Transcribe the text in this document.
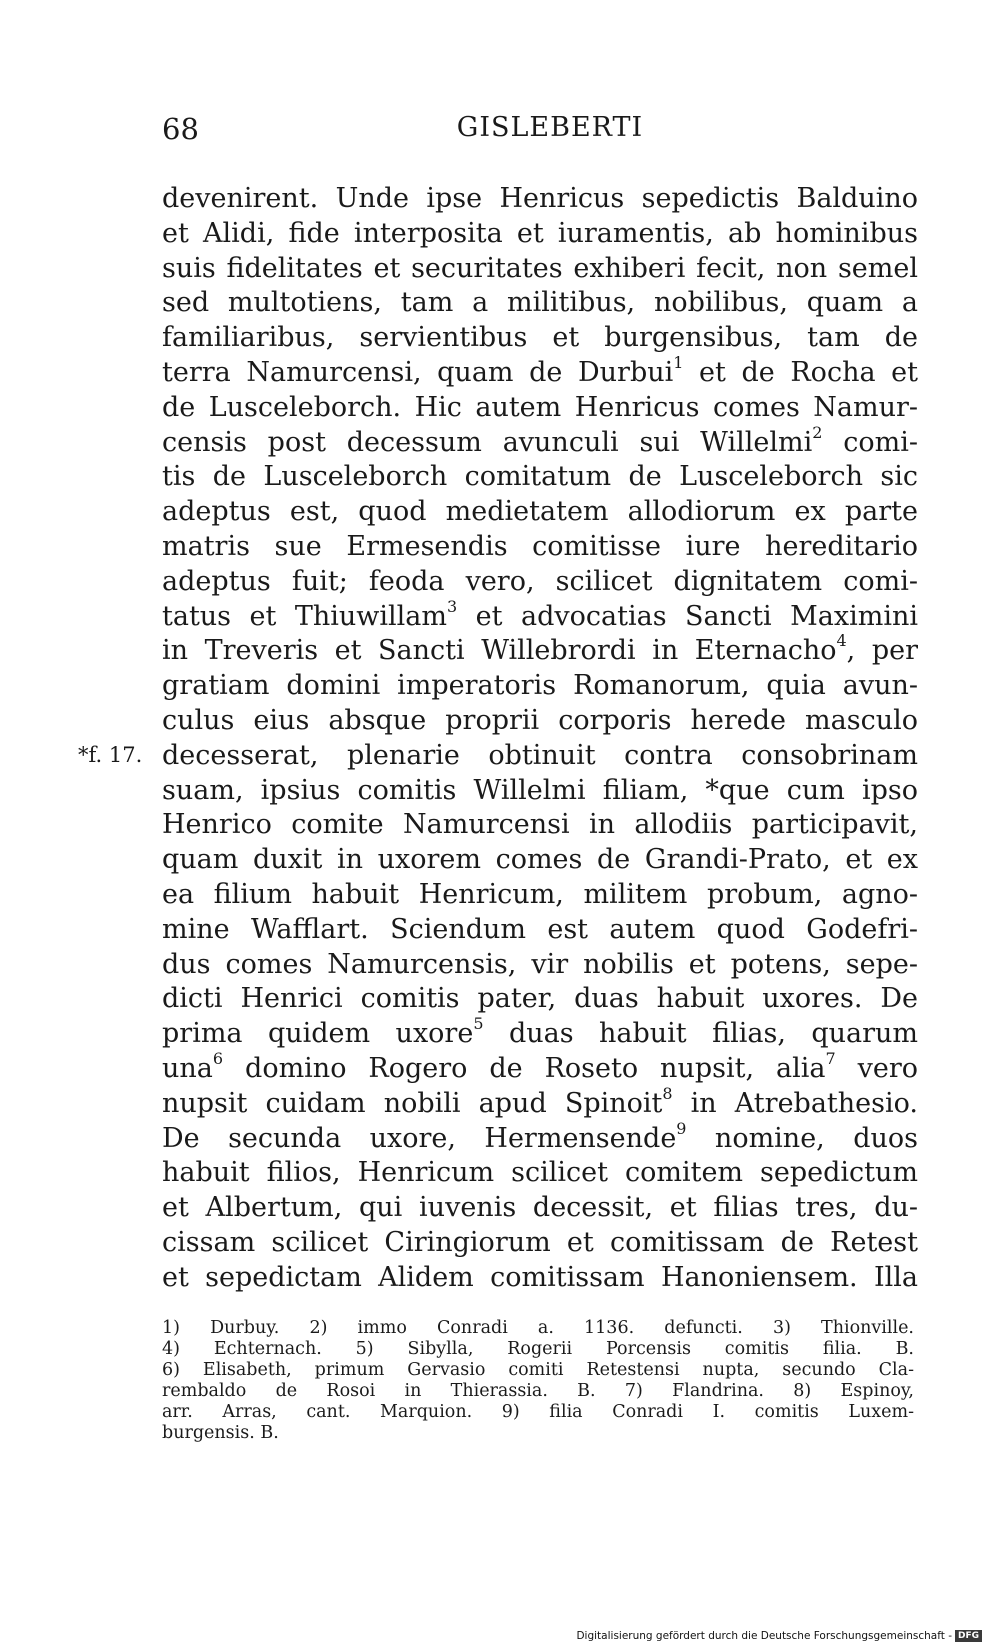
68	GISLEBERTI
*f. 17.
devenirent. Unde ipse Henricus sepedictis Balduino
et Alidi, fide interposita et iuramentis, ab hominibus
suis fidelitates et securitates exhiberi fecit, non semel
sed multotiens, tam a militibus, nobilibus, quam a
familiaribus, servientibus et burgensibus, tam de
terra Namurcensi, quam de Durbui$^1$ et de Rocha et
de Lusceleborch. Hic autem Henricus comes Namur-
censis post decessum avunculi sui Willelmi$^2$ comi-
tis de Lusceleborch comitatum de Lusceleborch sic
adeptus est, quod medietatem allodiorum ex parte
matris sue Ermesendis comitisse iure hereditario
adeptus fuit; feoda vero, scilicet dignitatem comi-
tatus et Thiuwillam$^3$ et advocatias Sancti Maximini
in Treveris et Sancti Willebrordi in Eternacho$^4$, per
gratiam domini imperatoris Romanorum, quia avun-
culus eius absque proprii corporis herede masculo
decesserat, plenarie obtinuit contra consobrinam
suam, ipsius comitis Willelmi filiam, *que cum ipso
Henrico comite Namurcensi in allodiis participavit,
quam duxit in uxorem comes de Grandi-Prato, et ex
ea filium habuit Henricum, militem probum, agno-
mine Wafflart. Sciendum est autem quod Godefri-
dus comes Namurcensis, vir nobilis et potens, sepe-
dicti Henrici comitis pater, duas habuit uxores. De
prima quidem uxore$^5$ duas habuit filias, quarum
una$^6$ domino Rogero de Roseto nupsit, alia$^7$ vero
nupsit cuidam nobili apud Spinoit$^8$ in Atrebathesio.
De secunda uxore, Hermensende$^9$ nomine, duos
habuit filios, Henricum scilicet comitem sepedictum
et Albertum, qui iuvenis decessit, et filias tres, du-
cissam scilicet Ciringiorum et comitissam de Retest
et sepedictam Alidem comitissam Hanoniensem. Illa
1) Durbuy. 2) immo Conradi a. 1136. defuncti. 3) Thionville.
4) Echternach. 5) Sibylla, Rogerii Porcensis comitis filia. B.
6) Elisabeth, primum Gervasio comiti Retestensi nupta, secundo Cla-
rembaldo de Rosoi in Thierassia. B. 7) Flandrina. 8) Espinoy,
arr. Arras, cant. Marquion. 9) filia Conradi I. comitis Luxem-
burgensis. B.
Digitalisierung gefördert durch die Deutsche Forschungsgemeinschaft - DFG
